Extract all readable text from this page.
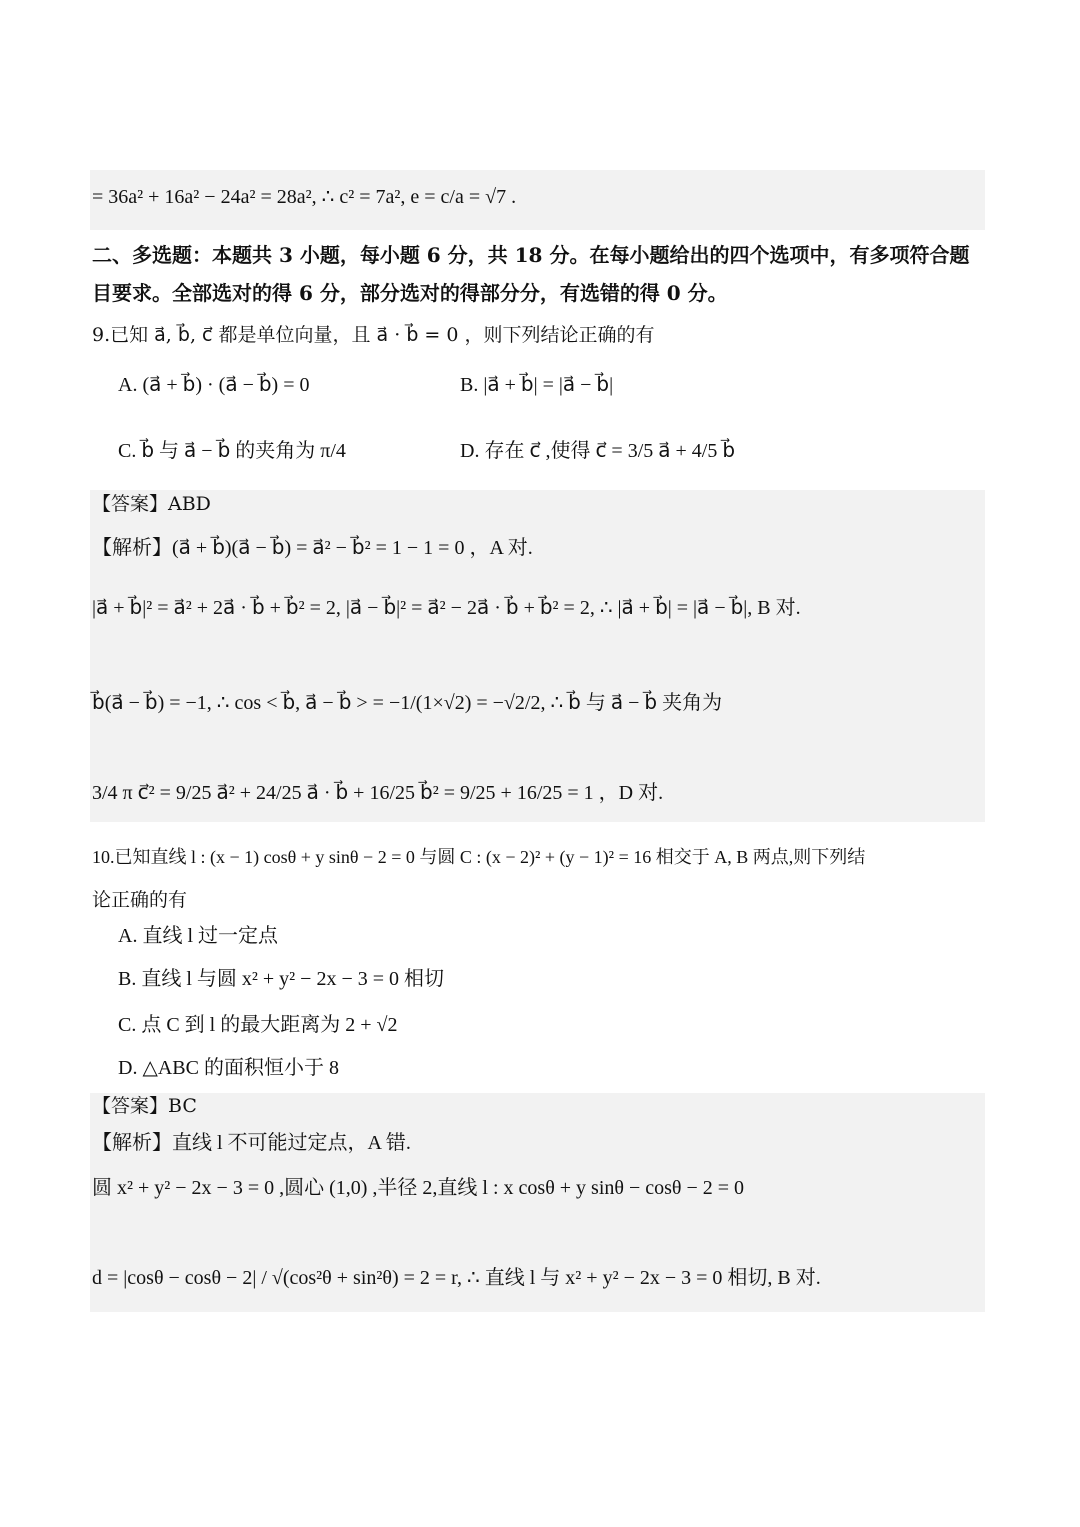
= 36a² + 16a² − 24a² = 28a², ∴ c² = 7a², e = c/a = √7 .
二、多选题：本题共 3 小题，每小题 6 分，共 18 分。在每小题给出的四个选项中，有多项符合题目要求。全部选对的得 6 分，部分选对的得部分分，有选错的得 0 分。
9.已知 a⃗, b⃗, c⃗ 都是单位向量，且 a⃗ · b⃗ = 0 ，则下列结论正确的有
A. (a⃗ + b⃗) · (a⃗ − b⃗) = 0	B. |a⃗ + b⃗| = |a⃗ − b⃗|
C. b⃗ 与 a⃗ − b⃗ 的夹角为 π/4	D. 存在 c⃗ ,使得 c⃗ = 3/5 a⃗ + 4/5 b⃗
【答案】ABD
【解析】(a⃗ + b⃗)(a⃗ − b⃗) = a⃗² − b⃗² = 1 − 1 = 0 ，A 对.
|a⃗ + b⃗|² = a⃗² + 2a⃗ · b⃗ + b⃗² = 2, |a⃗ − b⃗|² = a⃗² − 2a⃗ · b⃗ + b⃗² = 2, ∴ |a⃗ + b⃗| = |a⃗ − b⃗|, B 对.
b⃗(a⃗ − b⃗) = −1, ∴ cos < b⃗, a⃗ − b⃗ > = −1/(1×√2) = −√2/2, ∴ b⃗ 与 a⃗ − b⃗ 夹角为
3/4 π c⃗² = 9/25 a⃗² + 24/25 a⃗ · b⃗ + 16/25 b⃗² = 9/25 + 16/25 = 1 ，D 对.
10.已知直线 l : (x − 1) cosθ + y sinθ − 2 = 0 与圆 C : (x − 2)² + (y − 1)² = 16 相交于 A, B 两点,则下列结
论正确的有
A. 直线 l 过一定点
B. 直线 l 与圆 x² + y² − 2x − 3 = 0 相切
C. 点 C 到 l 的最大距离为 2 + √2
D. △ABC 的面积恒小于 8
【答案】BC
【解析】直线 l 不可能过定点，A 错.
圆 x² + y² − 2x − 3 = 0 ,圆心 (1,0) ,半径 2,直线 l : x cosθ + y sinθ − cosθ − 2 = 0
d = |cosθ − cosθ − 2| / √(cos²θ + sin²θ) = 2 = r, ∴ 直线 l 与 x² + y² − 2x − 3 = 0 相切, B 对.
